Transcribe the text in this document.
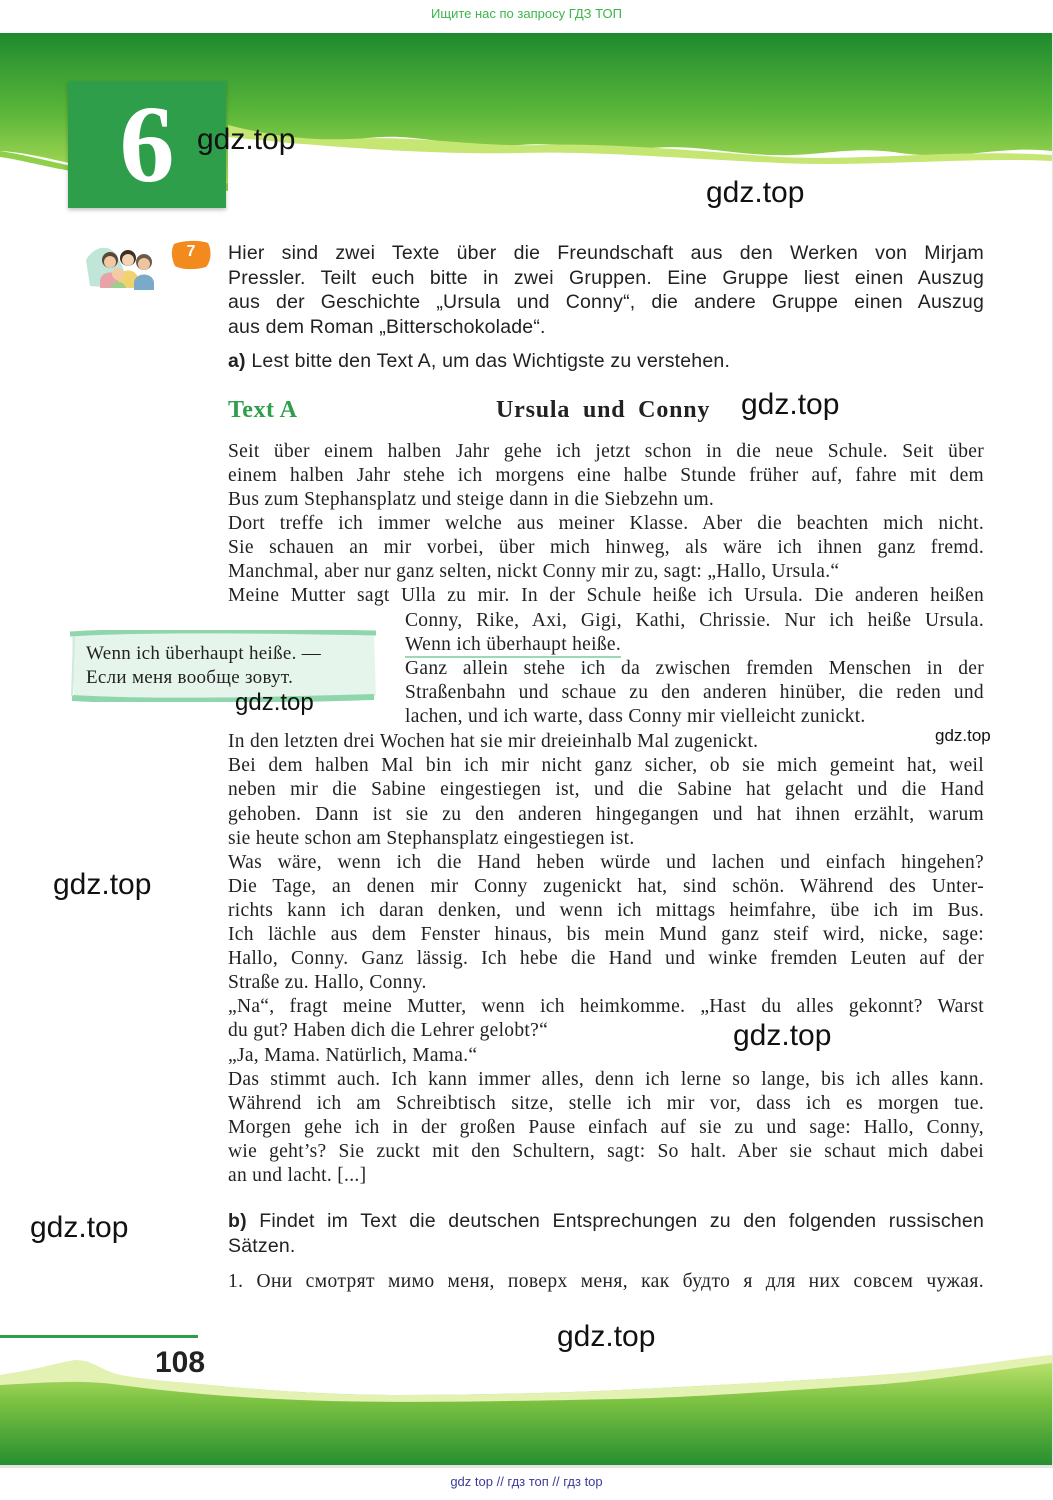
Ищите нас по запросу ГДЗ ТОП
6
7	Hier sind zwei Texte über die Freundschaft aus den Werken von Mirjam
Pressler. Teilt euch bitte in zwei Gruppen. Eine Gruppe liest einen Auszug
aus der Geschichte „Ursula und Conny“, die andere Gruppe einen Auszug
aus dem Roman „Bitterschokolade“.
a) Lest bitte den Text A, um das Wichtigste zu verstehen.
Text A	Ursula und Conny
Seit über einem halben Jahr gehe ich jetzt schon in die neue Schule. Seit über
einem halben Jahr stehe ich morgens eine halbe Stunde früher auf, fahre mit dem
Bus zum Stephansplatz und steige dann in die Siebzehn um.
Dort treffe ich immer welche aus meiner Klasse. Aber die beachten mich nicht.
Sie schauen an mir vorbei, über mich hinweg, als wäre ich ihnen ganz fremd.
Manchmal, aber nur ganz selten, nickt Conny mir zu, sagt: „Hallo, Ursula.“
Meine Mutter sagt Ulla zu mir. In der Schule heiße ich Ursula. Die anderen heißen
Conny, Rike, Axi, Gigi, Kathi, Chrissie. Nur ich heiße Ursula.
Wenn ich überhaupt heiße.
Ganz allein stehe ich da zwischen fremden Menschen in der
Straßenbahn und schaue zu den anderen hinüber, die reden und
lachen, und ich warte, dass Conny mir vielleicht zunickt.
Wenn ich überhaupt heiße. —
Если меня вообще зовут.
In den letzten drei Wochen hat sie mir dreieinhalb Mal zugenickt.
Bei dem halben Mal bin ich mir nicht ganz sicher, ob sie mich gemeint hat, weil
neben mir die Sabine eingestiegen ist, und die Sabine hat gelacht und die Hand
gehoben. Dann ist sie zu den anderen hingegangen und hat ihnen erzählt, warum
sie heute schon am Stephansplatz eingestiegen ist.
Was wäre, wenn ich die Hand heben würde und lachen und einfach hingehen?
Die Tage, an denen mir Conny zugenickt hat, sind schön. Während des Unter-
richts kann ich daran denken, und wenn ich mittags heimfahre, übe ich im Bus.
Ich lächle aus dem Fenster hinaus, bis mein Mund ganz steif wird, nicke, sage:
Hallo, Conny. Ganz lässig. Ich hebe die Hand und winke fremden Leuten auf der
Straße zu. Hallo, Conny.
„Na“, fragt meine Mutter, wenn ich heimkomme. „Hast du alles gekonnt? Warst
du gut? Haben dich die Lehrer gelobt?“
„Ja, Mama. Natürlich, Mama.“
Das stimmt auch. Ich kann immer alles, denn ich lerne so lange, bis ich alles kann.
Während ich am Schreibtisch sitze, stelle ich mir vor, dass ich es morgen tue.
Morgen gehe ich in der großen Pause einfach auf sie zu und sage: Hallo, Conny,
wie geht’s? Sie zuckt mit den Schultern, sagt: So halt. Aber sie schaut mich dabei
an und lacht. [...]
b) Findet im Text die deutschen Entsprechungen zu den folgenden russischen
Sätzen.
1. Они смотрят мимо меня, поверх меня, как будто я для них совсем чужая.
108
gdz.top
gdz.top
gdz.top
gdz.top
gdz.top
gdz.top
gdz.top
gdz.top
gdz.top
gdz top // гдз топ // гдз top
